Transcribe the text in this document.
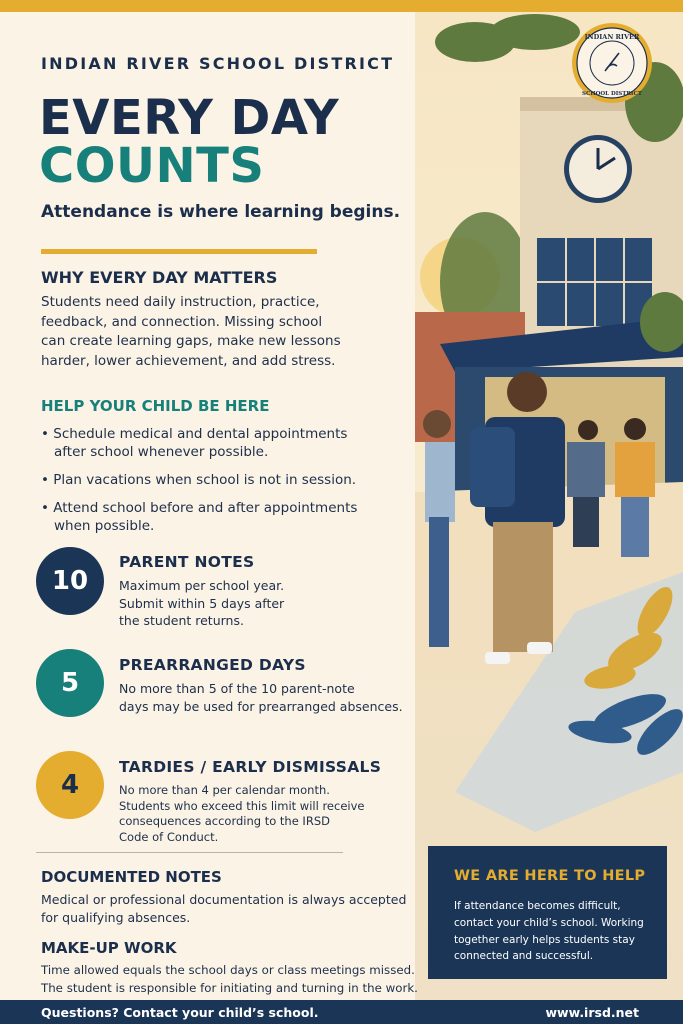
INDIAN RIVER
SCHOOL DISTRICT
INDIAN RIVER SCHOOL DISTRICT
EVERY DAY
COUNTS
Attendance is where learning begins.
WHY EVERY DAY MATTERS
Students need daily instruction, practice,
feedback, and connection. Missing school
can create learning gaps, make new lessons
harder, lower achievement, and add stress.
HELP YOUR CHILD BE HERE
• Schedule medical and dental appointments after school whenever possible.
• Plan vacations when school is not in session.
• Attend school before and after appointments when possible.
10
PARENT NOTES
Maximum per school year.
Submit within 5 days after
the student returns.
5
PREARRANGED DAYS
No more than 5 of the 10 parent-note
days may be used for prearranged absences.
4
TARDIES / EARLY DISMISSALS
No more than 4 per calendar month.
Students who exceed this limit will receive
consequences according to the IRSD
Code of Conduct.
DOCUMENTED NOTES
Medical or professional documentation is always accepted
for qualifying absences.
MAKE-UP WORK
Time allowed equals the school days or class meetings missed.
The student is responsible for initiating and turning in the work.
WE ARE HERE TO HELP
If attendance becomes difficult, contact your child’s school. Working together early helps students stay connected and successful.
Questions? Contact your child’s school.	www.irsd.net
